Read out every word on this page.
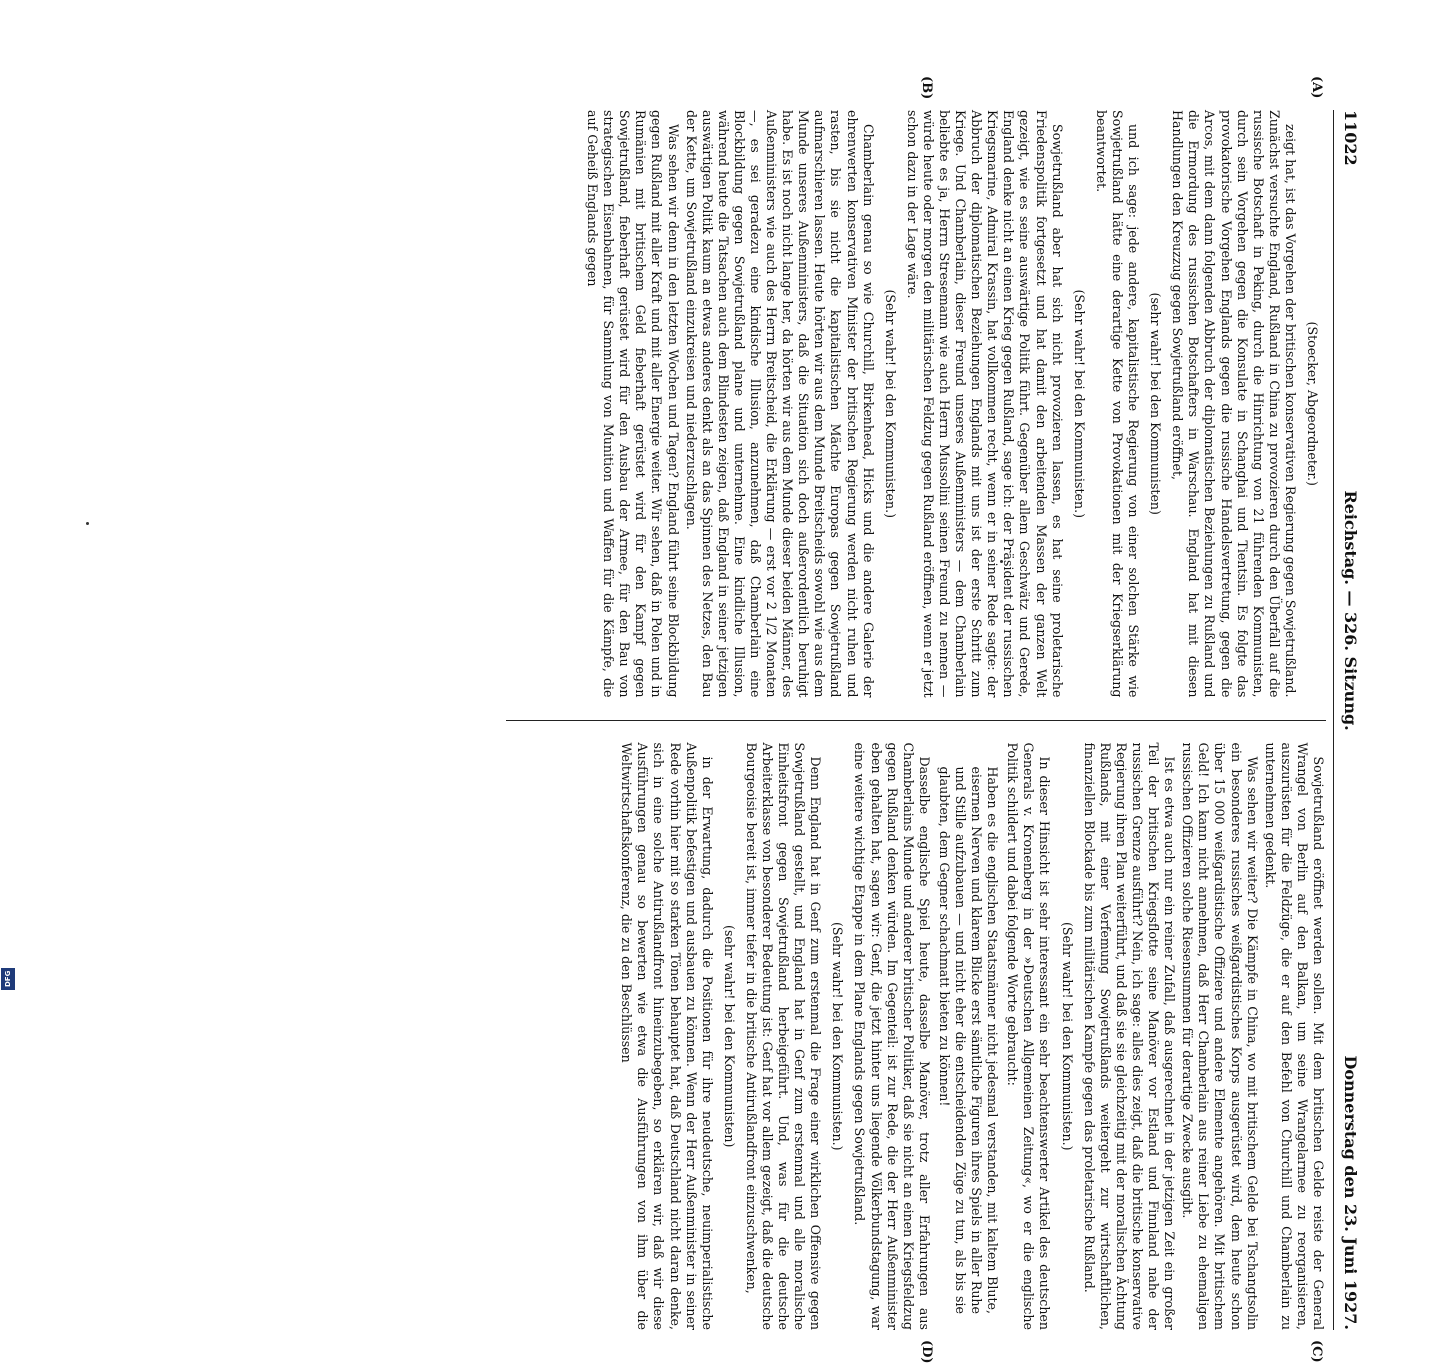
DFG
11022
Reichstag. — 326. Sitzung.
Donnerstag den 23. Juni 1927.
(A)
(B)
(C)
(D)

(Stoecker, Abgeordneter.)

zeigt hat, ist das Vorgehen der britischen konservativen Regierung gegen Sowjetrußland. Zunächst versuchte England, Rußland in China zu provozieren durch den Überfall auf die russische Botschaft in Peking, durch die Hinrichtung von 21 führenden Kommunisten, durch sein Vorgehen gegen die Konsulate in Schanghai und Tientsin. Es folgte das provokatorische Vorgehen Englands gegen die russische Handelsvertretung, gegen die Arcos, mit dem dann folgenden Abbruch der diplomatischen Beziehungen zu Rußland und die Ermordung des russischen Botschafters in Warschau. England hat mit diesen Handlungen den Kreuzzug gegen Sowjetrußland eröffnet,

(sehr wahr! bei den Kommunisten)

und ich sage: jede andere, kapitalistische Regierung von einer solchen Stärke wie Sowjetrußland hätte eine derartige Kette von Provokationen mit der Kriegserklärung beantwortet.

(Sehr wahr! bei den Kommunisten.)

Sowjetrußland aber hat sich nicht provozieren lassen, es hat seine proletarische Friedenspolitik fortgesetzt und hat damit den arbeitenden Massen der ganzen Welt gezeigt, wie es seine auswärtige Politik führt. Gegenüber allem Geschwätz und Gerede, England denke nicht an einen Krieg gegen Rußland, sage ich: der Präsident der russischen Kriegsmarine, Admiral Krassin, hat vollkommen recht, wenn er in seiner Rede sagte: der Abbruch der diplomatischen Beziehungen Englands mit uns ist der erste Schritt zum Kriege. Und Chamberlain, dieser Freund unseres Außenministers — dem Chamberlain beliebte es ja, Herrn Stresemann wie auch Herrn Mussolini seinen Freund zu nennen — würde heute oder morgen den militärischen Feldzug gegen Rußland eröffnen, wenn er jetzt schon dazu in der Lage wäre.

(Sehr wahr! bei den Kommunisten.)

Chamberlain genau so wie Churchill, Birkenhead, Hicks und die andere Galerie der ehrenwerten konservativen Minister der britischen Regierung werden nicht ruhen und rasten, bis sie nicht die kapitalistischen Mächte Europas gegen Sowjetrußland aufmarschieren lassen. Heute hörten wir aus dem Munde Breitscheids sowohl wie aus dem Munde unseres Außenministers, daß die Situation sich doch außerordentlich beruhigt habe. Es ist noch nicht lange her, da hörten wir aus dem Munde dieser beiden Männer, des Außenministers wie auch des Herrn Breitscheid, die Erklärung — erst vor 2 1/2 Monaten —, es sei geradezu eine kindische Illusion, anzunehmen, daß Chamberlain eine Blockbildung gegen Sowjetrußland plane und unternehme. Eine kindliche Illusion, während heute die Tatsachen auch dem Blindesten zeigen, daß England in seiner jetzigen auswärtigen Politik kaum an etwas anderes denkt als an das Spinnen des Netzes, den Bau der Kette, um Sowjetrußland einzukreisen und niederzuschlagen.

Was sehen wir denn in den letzten Wochen und Tagen? England führt seine Blockbildung gegen Rußland mit aller Kraft und mit aller Energie weiter. Wir sehen, daß in Polen und in Rumänien mit britischem Geld fieberhaft gerüstet wird für den Kampf gegen Sowjetrußland, fieberhaft gerüstet wird für den Ausbau der Armee, für den Bau von strategischen Eisenbahnen, für Sammlung von Munition und Waffen für die Kämpfe, die auf Geheiß Englands gegen

Sowjetrußland eröffnet werden sollen. Mit dem britischen Gelde reiste der General Wrangel von Berlin auf den Balkan, um seine Wrangelarmee zu reorganisieren, auszurüsten für die Feldzüge, die er auf den Befehl von Churchill und Chamberlain zu unternehmen gedenkt.

Was sehen wir weiter? Die Kämpfe in China, wo mit britischem Gelde bei Tschangtsolin ein besonderes russisches weißgardistisches Korps ausgerüstet wird, dem heute schon über 15 000 weißgardistische Offiziere und andere Elemente angehören. Mit britischem Geld! Ich kann nicht annehmen, daß Herr Chamberlain aus reiner Liebe zu ehemaligen russischen Offizieren solche Riesensummen für derartige Zwecke ausgibt.

Ist es etwa auch nur ein reiner Zufall, daß ausgerechnet in der jetzigen Zeit ein großer Teil der britischen Kriegsflotte seine Manöver vor Estland und Finnland nahe der russischen Grenze ausführt? Nein, ich sage: alles dies zeigt, daß die britische konservative Regierung ihren Plan weiterführt, und daß sie sie gleichzeitig mit der moralischen Ächtung Rußlands, mit einer Verfemung Sowjetrußlands weitergeht zur wirtschaftlichen, finanziellen Blockade bis zum militärischen Kampfe gegen das proletarische Rußland.

(Sehr wahr! bei den Kommunisten.)

In dieser Hinsicht ist sehr interessant ein sehr beachtenswerter Artikel des deutschen Generals v. Kronenberg in der »Deutschen Allgemeinen Zeitung«, wo er die englische Politik schildert und dabei folgende Worte gebraucht:

Haben es die englischen Staatsmänner nicht jedesmal verstanden, mit kaltem Blute, eisernen Nerven und klarem Blicke erst sämtliche Figuren ihres Spiels in aller Ruhe und Stille aufzubauen — und nicht eher die entscheidenden Züge zu tun, als bis sie glaubten, dem Gegner schachmatt bieten zu können!

Dasselbe englische Spiel heute, dasselbe Manöver, trotz aller Erfahrungen aus Chamberlains Munde und anderer britischer Politiker, daß sie nicht an einen Kriegsfeldzug gegen Rußland denken würden. Im Gegenteil: ist zur Rede, die der Herr Außenminister eben gehalten hat, sagen wir: Genf, die jetzt hinter uns liegende Völkerbundstagung, war eine weitere wichtige Etappe in dem Plane Englands gegen Sowjetrußland.

(Sehr wahr! bei den Kommunisten.)

Denn England hat in Genf zum erstenmal die Frage einer wirklichen Offensive gegen Sowjetrußland gestellt, und England hat in Genf zum erstenmal und alle moralische Einheitsfront gegen Sowjetrußland herbeigeführt. Und, was für die deutsche Arbeiterklasse von besonderer Bedeutung ist: Genf hat vor allem gezeigt, daß die deutsche Bourgeoisie bereit ist, immer tiefer in die britische Antirußlandfront einzuschwenken,

(sehr wahr! bei den Kommunisten)

in der Erwartung, dadurch die Positionen für ihre neudeutsche, neuimperialistische Außenpolitik befestigen und ausbauen zu können. Wenn der Herr Außenminister in seiner Rede vorhin hier mit so starken Tönen behauptet hat, daß Deutschland nicht daran denke, sich in eine solche Antirußlandfront hineinzubegeben, so erklären wir, daß wir diese Ausführungen genau so bewerten wie etwa die Ausführungen von ihm über die Weltwirtschaftskonferenz, die zu den Beschlüssen
